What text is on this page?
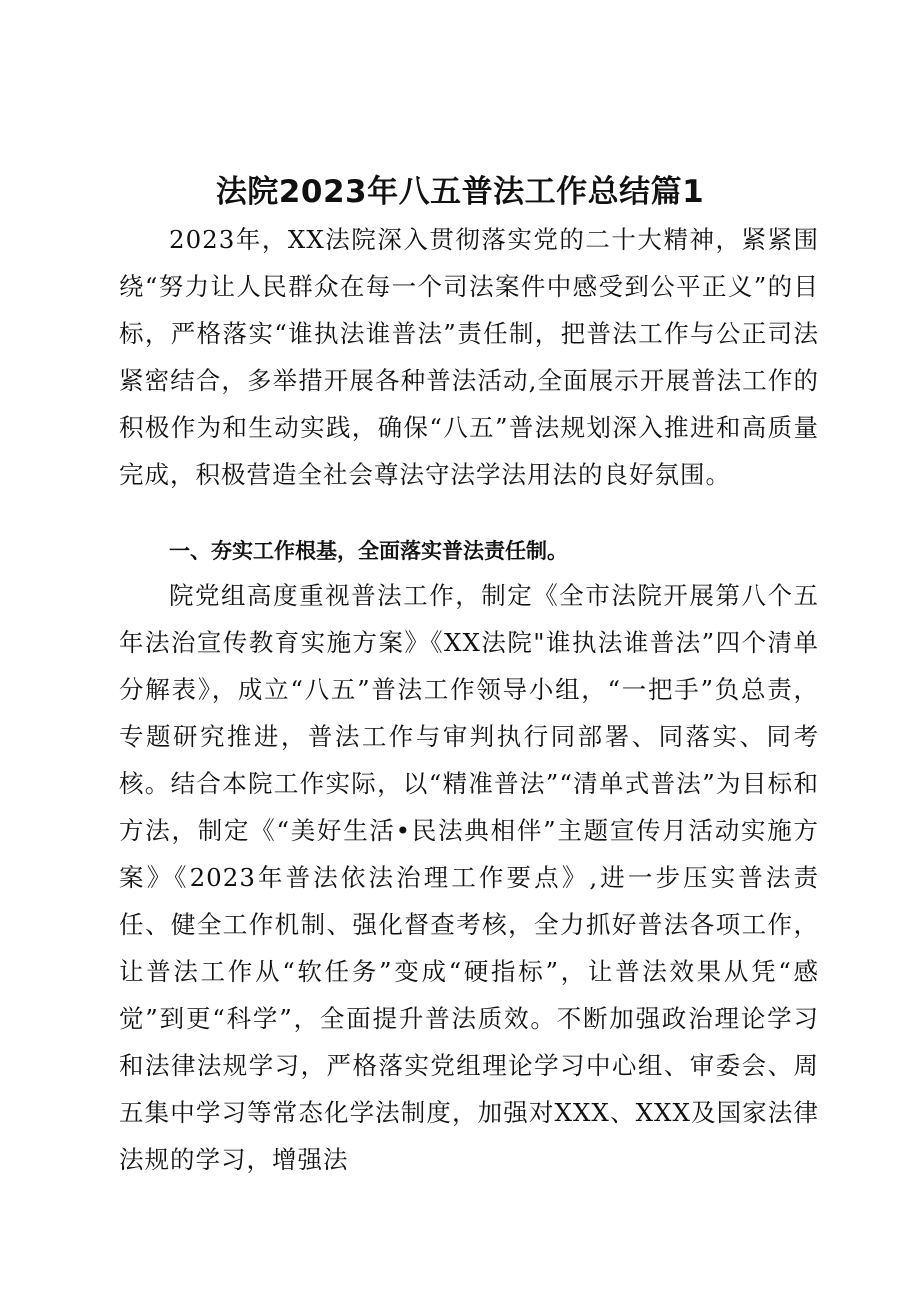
法院2023年八五普法工作总结篇1

2023年，XX法院深入贯彻落实党的二十大精神，紧紧围绕“努力让人民群众在每一个司法案件中感受到公平正义”的目标，严格落实“谁执法谁普法”责任制，把普法工作与公正司法紧密结合，多举措开展各种普法活动,全面展示开展普法工作的积极作为和生动实践，确保“八五”普法规划深入推进和高质量完成，积极营造全社会尊法守法学法用法的良好氛围。

一、夯实工作根基，全面落实普法责任制。

院党组高度重视普法工作，制定《全市法院开展第八个五年法治宣传教育实施方案》《XX法院"谁执法谁普法”四个清单分解表》，成立“八五”普法工作领导小组，“一把手”负总责，专题研究推进，普法工作与审判执行同部署、同落实、同考核。结合本院工作实际，以“精准普法”“清单式普法”为目标和方法，制定《“美好生活•民法典相伴”主题宣传月活动实施方案》《2023年普法依法治理工作要点》,进一步压实普法责任、健全工作机制、强化督查考核，全力抓好普法各项工作，让普法工作从“软任务”变成“硬指标”，让普法效果从凭“感觉”到更“科学”，全面提升普法质效。不断加强政治理论学习和法律法规学习，严格落实党组理论学习中心组、审委会、周五集中学习等常态化学法制度，加强对XXX、XXX及国家法律法规的学习，增强法
